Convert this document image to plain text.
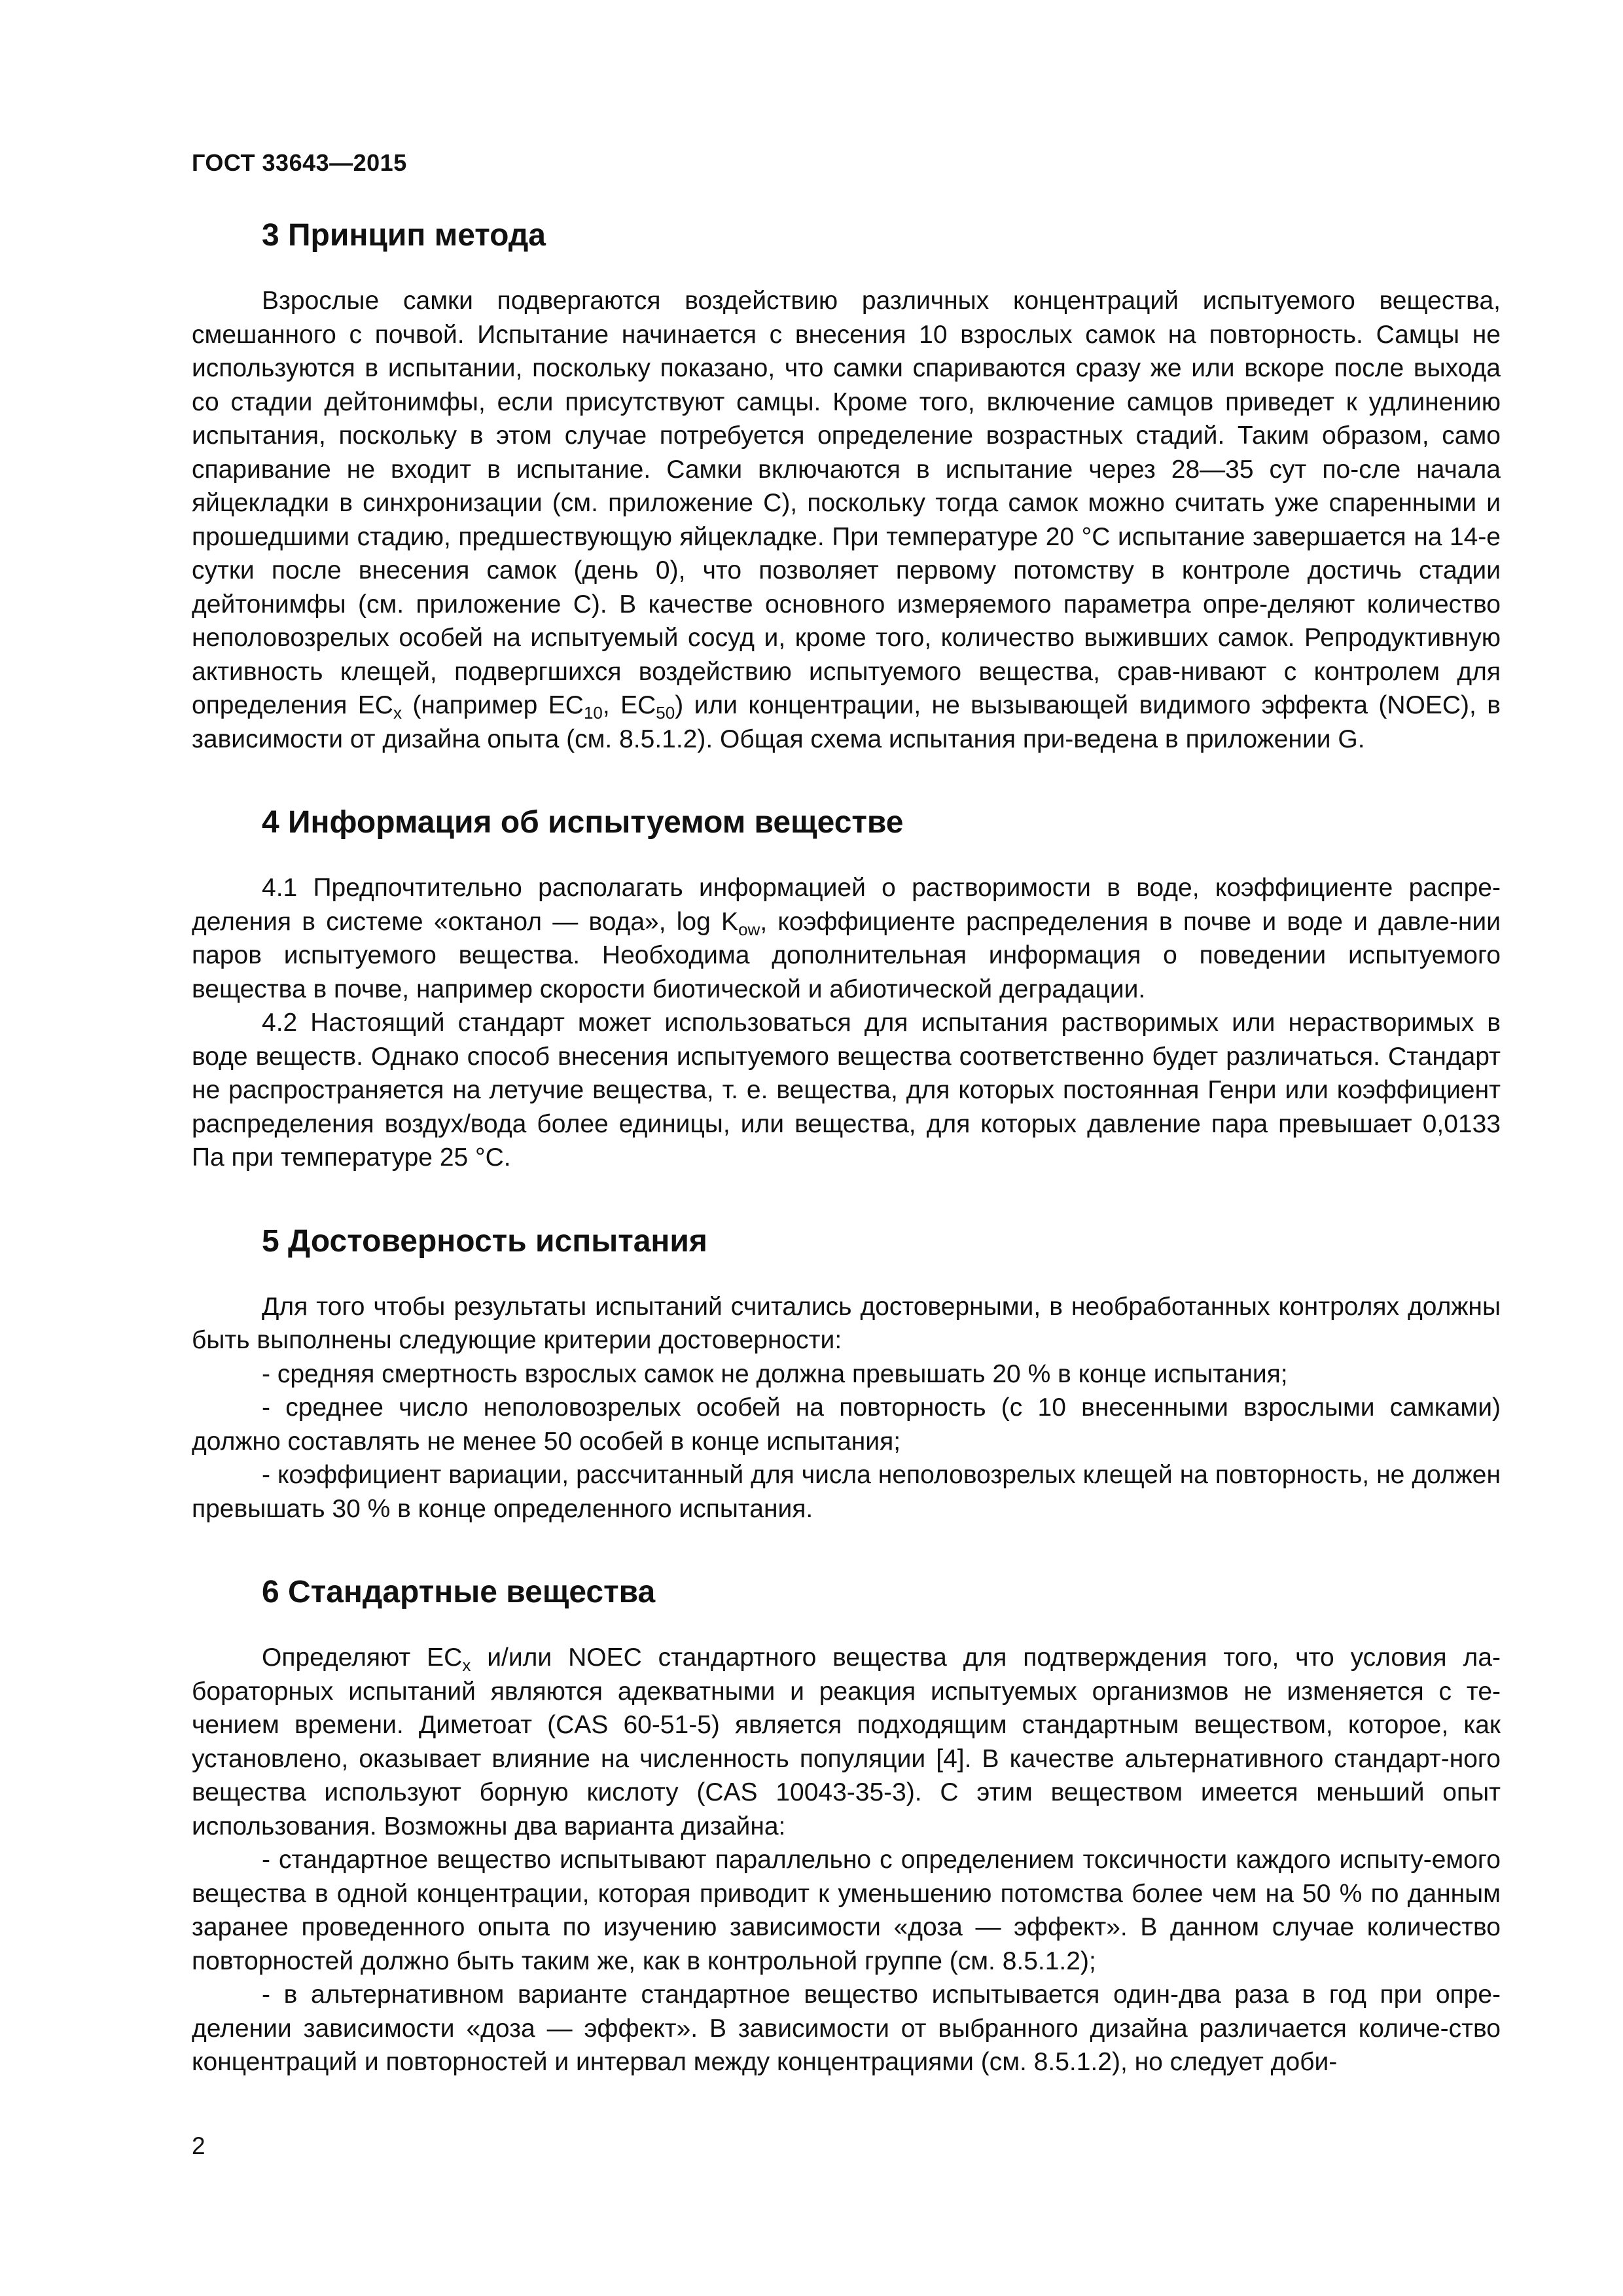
ГОСТ 33643—2015
3 Принцип метода

Взрослые самки подвергаются воздействию различных концентраций испытуемого вещества, смешанного с почвой. Испытание начинается с внесения 10 взрослых самок на повторность. Самцы не используются в испытании, поскольку показано, что самки спариваются сразу же или вскоре после выхода со стадии дейтонимфы, если присутствуют самцы. Кроме того, включение самцов приведет к удлинению испытания, поскольку в этом случае потребуется определение возрастных стадий. Таким образом, само спаривание не входит в испытание. Самки включаются в испытание через 28—35 сут по-сле начала яйцекладки в синхронизации (см. приложение С), поскольку тогда самок можно считать уже спаренными и прошедшими стадию, предшествующую яйцекладке. При температуре 20 °С испытание завершается на 14-е сутки после внесения самок (день 0), что позволяет первому потомству в контроле достичь стадии дейтонимфы (см. приложение С). В качестве основного измеряемого параметра опре-деляют количество неполовозрелых особей на испытуемый сосуд и, кроме того, количество выживших самок. Репродуктивную активность клещей, подвергшихся воздействию испытуемого вещества, срав-нивают с контролем для определения $EC_x$ (например $EC_{10}$, $EC_{50}$) или концентрации, не вызывающей видимого эффекта (NOEC), в зависимости от дизайна опыта (см. 8.5.1.2). Общая схема испытания при-ведена в приложении G.

4 Информация об испытуемом веществе

4.1 Предпочтительно располагать информацией о растворимости в воде, коэффициенте распре-деления в системе «октанол — вода», $\log K_{ow}$, коэффициенте распределения в почве и воде и давле-нии паров испытуемого вещества. Необходима дополнительная информация о поведении испытуемого вещества в почве, например скорости биотической и абиотической деградации.

4.2 Настоящий стандарт может использоваться для испытания растворимых или нерастворимых в воде веществ. Однако способ внесения испытуемого вещества соответственно будет различаться. Стандарт не распространяется на летучие вещества, т. е. вещества, для которых постоянная Генри или коэффициент распределения воздух/вода более единицы, или вещества, для которых давление пара превышает 0,0133 Па при температуре 25 °С.

5 Достоверность испытания

Для того чтобы результаты испытаний считались достоверными, в необработанных контролях должны быть выполнены следующие критерии достоверности:

- средняя смертность взрослых самок не должна превышать 20 % в конце испытания;

- среднее число неполовозрелых особей на повторность (с 10 внесенными взрослыми самками) должно составлять не менее 50 особей в конце испытания;

- коэффициент вариации, рассчитанный для числа неполовозрелых клещей на повторность, не должен превышать 30 % в конце определенного испытания.

6 Стандартные вещества

Определяют $EC_x$ и/или NOEC стандартного вещества для подтверждения того, что условия ла-бораторных испытаний являются адекватными и реакция испытуемых организмов не изменяется с те-чением времени. Диметоат (CAS 60-51-5) является подходящим стандартным веществом, которое, как установлено, оказывает влияние на численность популяции [4]. В качестве альтернативного стандарт-ного вещества используют борную кислоту (CAS 10043-35-3). С этим веществом имеется меньший опыт использования. Возможны два варианта дизайна:

- стандартное вещество испытывают параллельно с определением токсичности каждого испыту-емого вещества в одной концентрации, которая приводит к уменьшению потомства более чем на 50 % по данным заранее проведенного опыта по изучению зависимости «доза — эффект». В данном случае количество повторностей должно быть таким же, как в контрольной группе (см. 8.5.1.2);

- в альтернативном варианте стандартное вещество испытывается один-два раза в год при опре-делении зависимости «доза — эффект». В зависимости от выбранного дизайна различается количе-ство концентраций и повторностей и интервал между концентрациями (см. 8.5.1.2), но следует доби-

2
